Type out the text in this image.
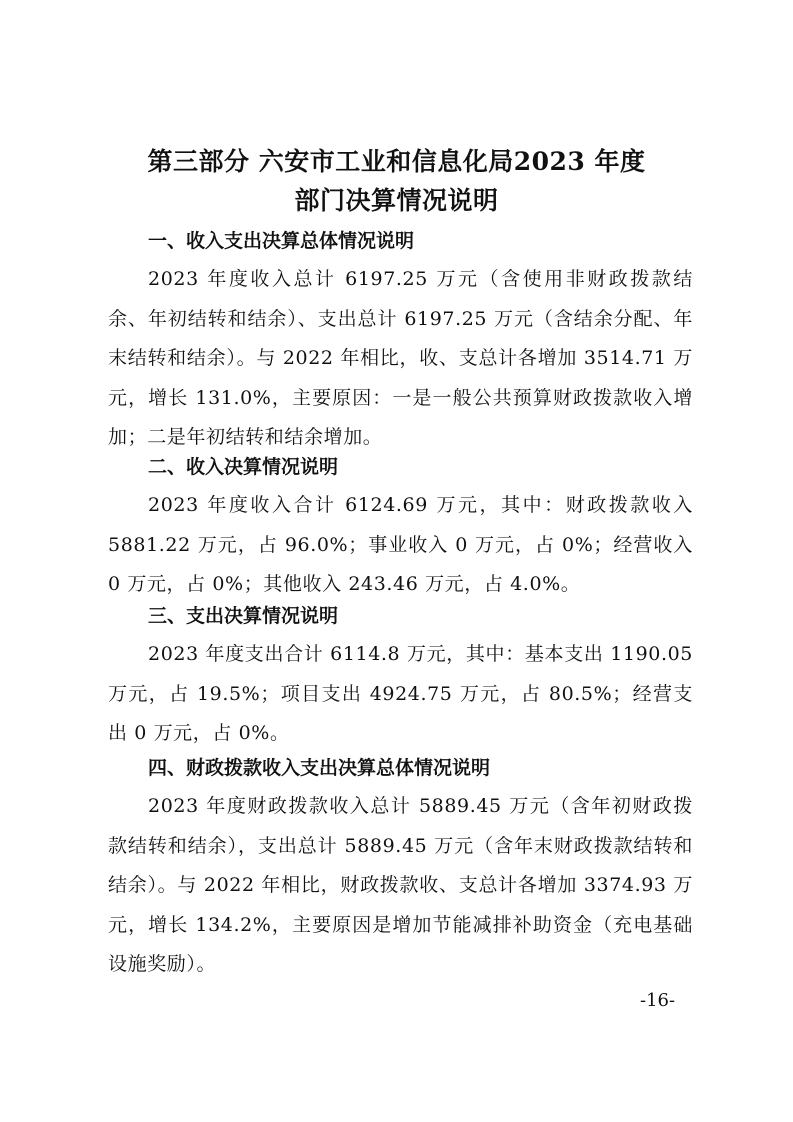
第三部分 六安市工业和信息化局2023 年度
部门决算情况说明
一、收入支出决算总体情况说明

2023 年度收入总计 6197.25 万元（含使用非财政拨款结余、年初结转和结余）、支出总计 6197.25 万元（含结余分配、年末结转和结余）。与 2022 年相比，收、支总计各增加 3514.71 万元，增长 131.0%，主要原因：一是一般公共预算财政拨款收入增加；二是年初结转和结余增加。

二、收入决算情况说明

2023 年度收入合计 6124.69 万元，其中：财政拨款收入 5881.22 万元，占 96.0%；事业收入 0 万元，占 0%；经营收入 0 万元，占 0%；其他收入 243.46 万元，占 4.0%。

三、支出决算情况说明

2023 年度支出合计 6114.8 万元，其中：基本支出 1190.05 万元，占 19.5%；项目支出 4924.75 万元，占 80.5%；经营支出 0 万元，占 0%。

四、财政拨款收入支出决算总体情况说明

2023 年度财政拨款收入总计 5889.45 万元（含年初财政拨款结转和结余），支出总计 5889.45 万元（含年末财政拨款结转和结余）。与 2022 年相比，财政拨款收、支总计各增加 3374.93 万元，增长 134.2%，主要原因是增加节能减排补助资金（充电基础设施奖励）。

-16-
